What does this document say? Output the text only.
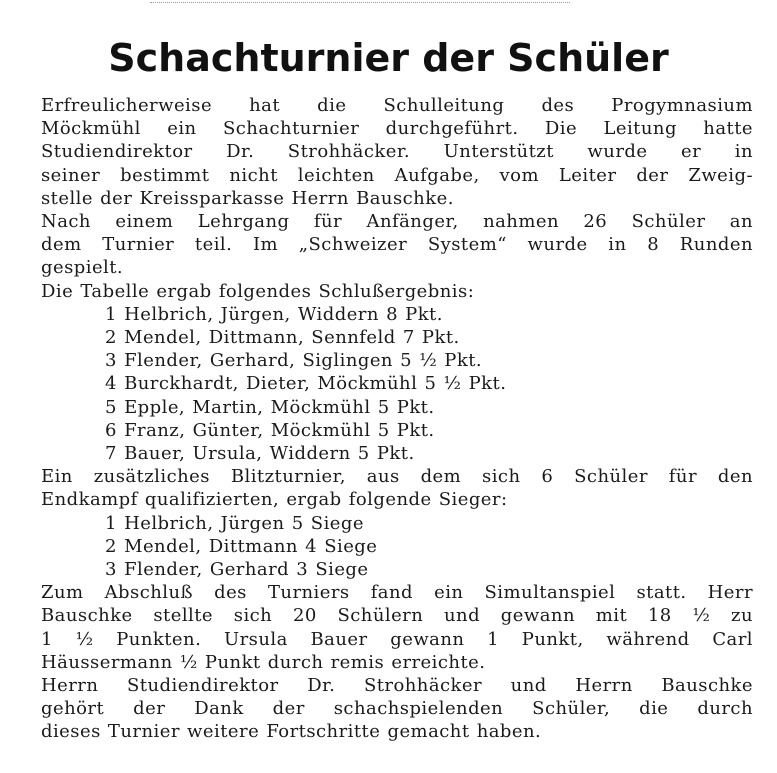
Schachturnier der Schüler

Erfreulicherweise hat die Schulleitung des Progymnasium
Möckmühl ein Schachturnier durchgeführt. Die Leitung hatte
Studiendirektor Dr. Strohhäcker. Unterstützt wurde er in
seiner bestimmt nicht leichten Aufgabe, vom Leiter der Zweig-
stelle der Kreissparkasse Herrn Bauschke.

Nach einem Lehrgang für Anfänger, nahmen 26 Schüler an
dem Turnier teil. Im „Schweizer System“ wurde in 8 Runden
gespielt.

Die Tabelle ergab folgendes Schlußergebnis:

1 Helbrich, Jürgen, Widdern 8 Pkt.
2 Mendel, Dittmann, Sennfeld 7 Pkt.
3 Flender, Gerhard, Siglingen 5 ½ Pkt.
4 Burckhardt, Dieter, Möckmühl 5 ½ Pkt.
5 Epple, Martin, Möckmühl 5 Pkt.
6 Franz, Günter, Möckmühl 5 Pkt.
7 Bauer, Ursula, Widdern 5 Pkt.

Ein zusätzliches Blitzturnier, aus dem sich 6 Schüler für den
Endkampf qualifizierten, ergab folgende Sieger:

1 Helbrich, Jürgen 5 Siege
2 Mendel, Dittmann 4 Siege
3 Flender, Gerhard 3 Siege

Zum Abschluß des Turniers fand ein Simultanspiel statt. Herr
Bauschke stellte sich 20 Schülern und gewann mit 18 ½ zu
1 ½ Punkten. Ursula Bauer gewann 1 Punkt, während Carl
Häussermann ½ Punkt durch remis erreichte.

Herrn Studiendirektor Dr. Strohhäcker und Herrn Bauschke
gehört der Dank der schachspielenden Schüler, die durch
dieses Turnier weitere Fortschritte gemacht haben.
